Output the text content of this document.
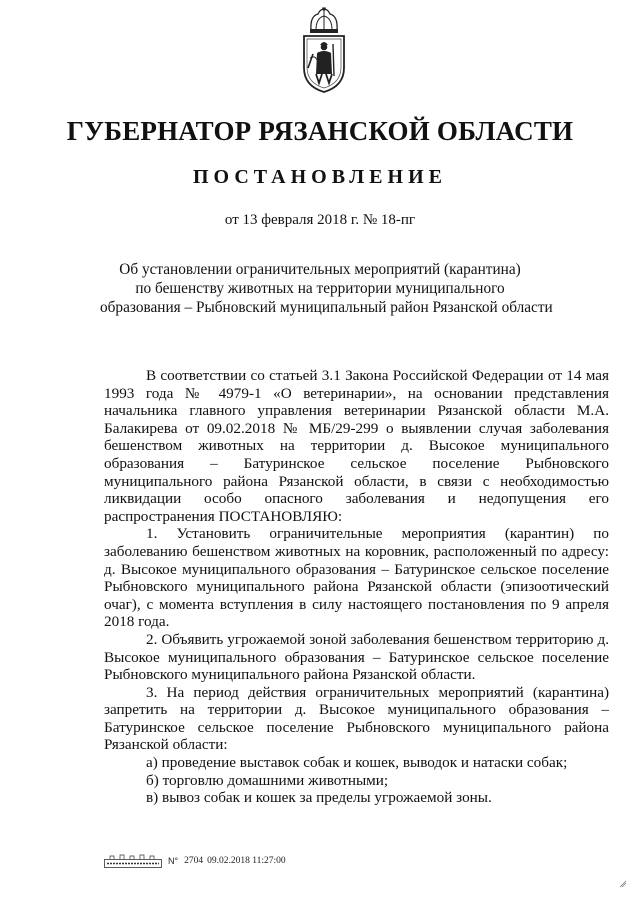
ГУБЕРНАТОР РЯЗАНСКОЙ ОБЛАСТИ
ПОСТАНОВЛЕНИЕ
от 13 февраля 2018 г. № 18-пг
Об установлении ограничительных мероприятий (карантина)
по бешенству животных на территории муниципального
образования – Рыбновский муниципальный район Рязанской области

В соответствии со статьей 3.1 Закона Российской Федерации от 14 мая 1993 года № 4979-1 «О ветеринарии», на основании представления начальника главного управления ветеринарии Рязанской области М.А. Балакирева от 09.02.2018 № МБ/29-299 о выявлении случая заболевания бешенством животных на территории д. Высокое муниципального образования – Батуринское сельское поселение Рыбновского муниципального района Рязанской области, в связи с необходимостью ликвидации особо опасного заболевания и недопущения его распространения ПОСТАНОВЛЯЮ:

1. Установить ограничительные мероприятия (карантин) по заболеванию бешенством животных на коровник, расположенный по адресу: д. Высокое муниципального образования – Батуринское сельское поселение Рыбновского муниципального района Рязанской области (эпизоотический очаг), с момента вступления в силу настоящего постановления по 9 апреля 2018 года.

2. Объявить угрожаемой зоной заболевания бешенством территорию д. Высокое муниципального образования – Батуринское сельское поселение Рыбновского муниципального района Рязанской области.

3. На период действия ограничительных мероприятий (карантина) запретить на территории д. Высокое муниципального образования – Батуринское сельское поселение Рыбновского муниципального района Рязанской области:

а) проведение выставок собак и кошек, выводок и натаски собак;

б) торговлю домашними животными;

в) вывоз собак и кошек за пределы угрожаемой зоны.

N° 2704 09.02.2018 11:27:00
